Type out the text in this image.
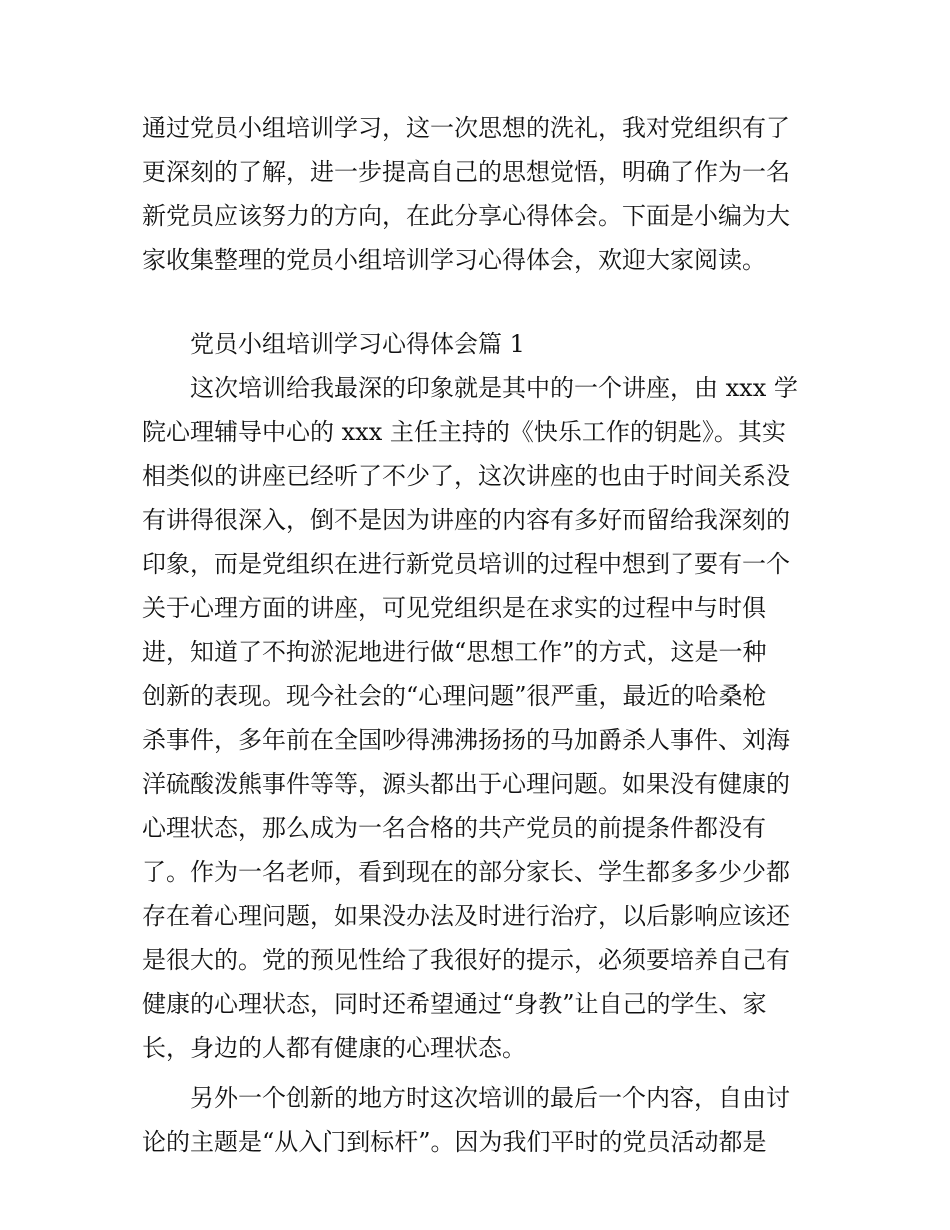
通过党员小组培训学习，这一次思想的洗礼，我对党组织有了
更深刻的了解，进一步提高自己的思想觉悟，明确了作为一名
新党员应该努力的方向，在此分享心得体会。下面是小编为大
家收集整理的党员小组培训学习心得体会，欢迎大家阅读。
党员小组培训学习心得体会篇 1
这次培训给我最深的印象就是其中的一个讲座，由 xxx 学
院心理辅导中心的 xxx 主任主持的《快乐工作的钥匙》。其实
相类似的讲座已经听了不少了，这次讲座的也由于时间关系没
有讲得很深入，倒不是因为讲座的内容有多好而留给我深刻的
印象，而是党组织在进行新党员培训的过程中想到了要有一个
关于心理方面的讲座，可见党组织是在求实的过程中与时俱
进，知道了不拘淤泥地进行做“思想工作”的方式，这是一种
创新的表现。现今社会的“心理问题”很严重，最近的哈桑枪
杀事件，多年前在全国吵得沸沸扬扬的马加爵杀人事件、刘海
洋硫酸泼熊事件等等，源头都出于心理问题。如果没有健康的
心理状态，那么成为一名合格的共产党员的前提条件都没有
了。作为一名老师，看到现在的部分家长、学生都多多少少都
存在着心理问题，如果没办法及时进行治疗，以后影响应该还
是很大的。党的预见性给了我很好的提示，必须要培养自己有
健康的心理状态，同时还希望通过“身教”让自己的学生、家
长，身边的人都有健康的心理状态。
另外一个创新的地方时这次培训的最后一个内容，自由讨
论的主题是“从入门到标杆”。因为我们平时的党员活动都是
